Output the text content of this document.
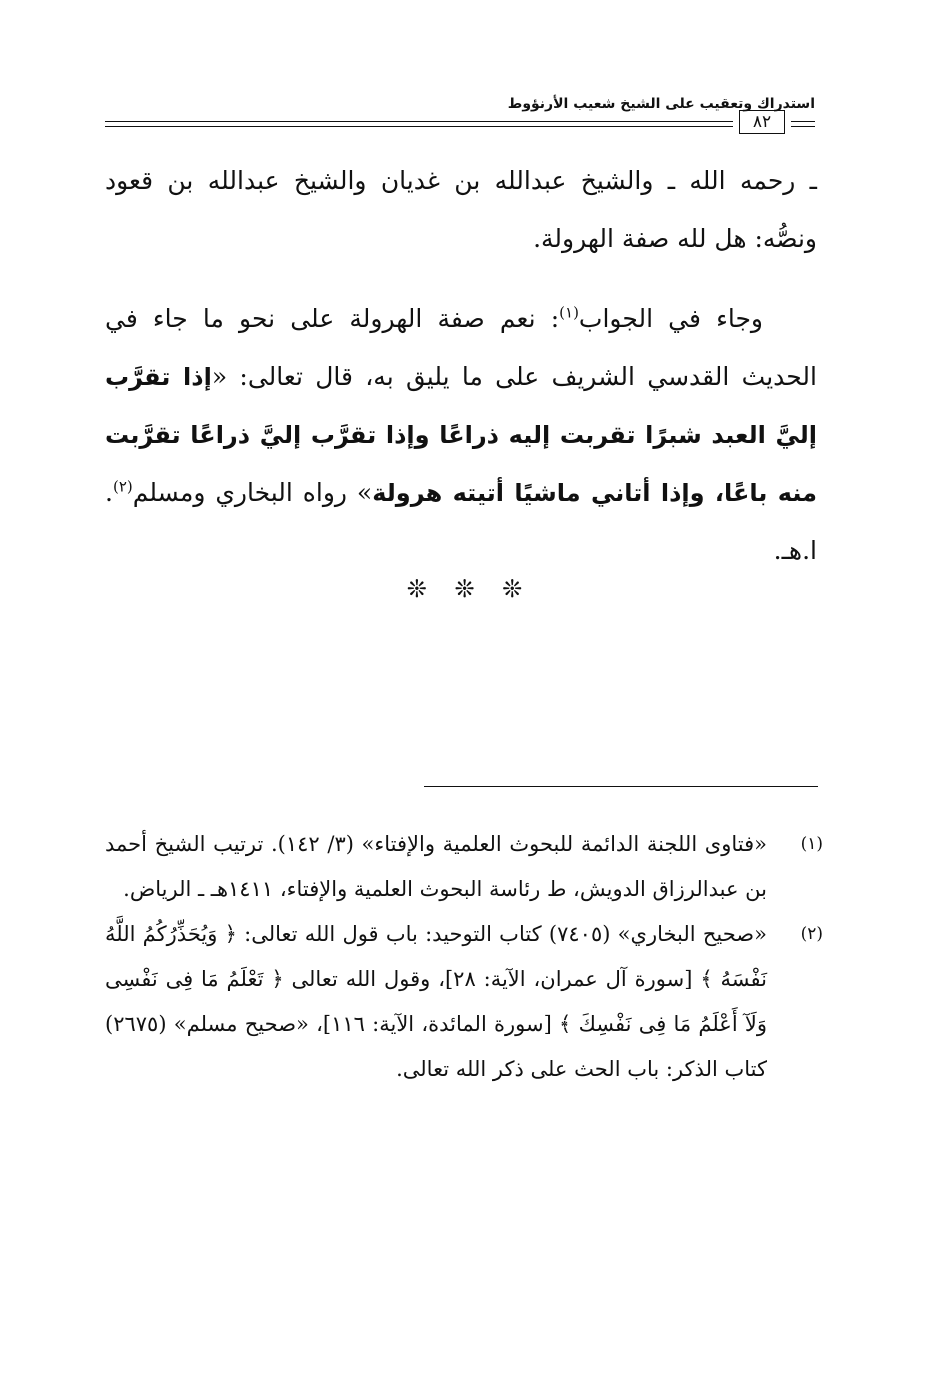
استدراك وتعقيب على الشيخ شعيب الأرنؤوط
٨٢

ـ رحمه الله ـ والشيخ عبدالله بن غديان والشيخ عبدالله بن قعود ونصُّه: هل لله صفة الهرولة.

وجاء في الجواب$^{(١)}$: نعم صفة الهرولة على نحو ما جاء في الحديث القدسي الشريف على ما يليق به، قال تعالى: «إذا تقرَّب إليَّ العبد شبرًا تقربت إليه ذراعًا وإذا تقرَّب إليَّ ذراعًا تقرَّبت منه باعًا، وإذا أتاني ماشيًا أتيته هرولة» رواه البخاري ومسلم$^{(٢)}$. ا.هـ.

❊ ❊ ❊
(١)
«فتاوى اللجنة الدائمة للبحوث العلمية والإفتاء» (٣/ ١٤٢). ترتيب الشيخ أحمد بن عبدالرزاق الدويش، ط رئاسة البحوث العلمية والإفتاء، ١٤١١هـ ـ الرياض.
(٢)
«صحيح البخاري» (٧٤٠٥) كتاب التوحيد: باب قول الله تعالى: ﴿ وَيُحَذِّرُكُمُ اللَّهُ نَفْسَهُ ﴾ [سورة آل عمران، الآية: ٢٨]، وقول الله تعالى ﴿ تَعْلَمُ مَا فِى نَفْسِى وَلَآ أَعْلَمُ مَا فِى نَفْسِكَ ﴾ [سورة المائدة، الآية: ١١٦]، «صحيح مسلم» (٢٦٧٥) كتاب الذكر: باب الحث على ذكر الله تعالى.
